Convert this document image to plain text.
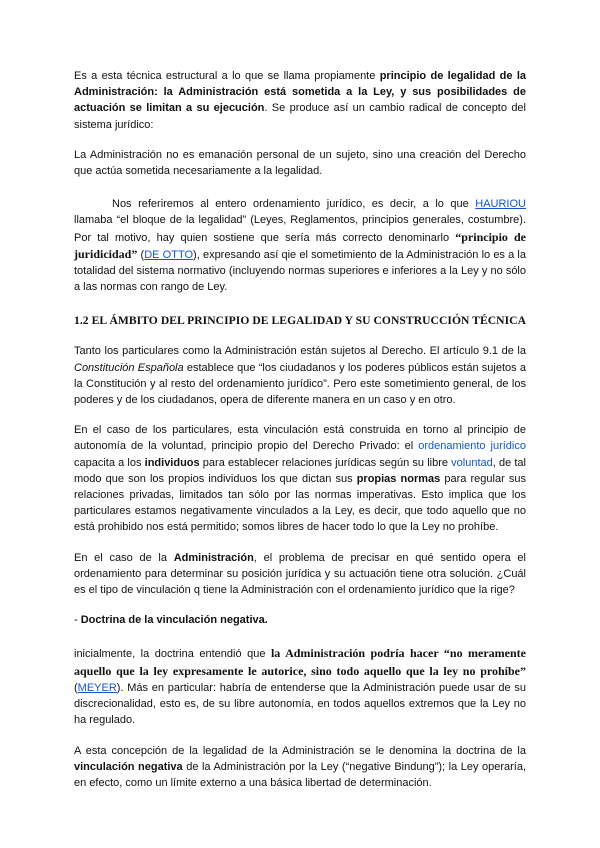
Es a esta técnica estructural a lo que se llama propiamente principio de legalidad de la Administración: la Administración está sometida a la Ley, y sus posibilidades de actuación se limitan a su ejecución. Se produce así un cambio radical de concepto del sistema jurídico:

La Administración no es emanación personal de un sujeto, sino una creación del Derecho que actúa sometida necesariamente a la legalidad.

Nos referiremos al entero ordenamiento jurídico, es decir, a lo que HAURIOU llamaba “el bloque de la legalidad” (Leyes, Reglamentos, principios generales, costumbre). Por tal motivo, hay quien sostiene que sería más correcto denominarlo “principio de juridicidad” (DE OTTO), expresando así qie el sometimiento de la Administración lo es a la totalidad del sistema normativo (incluyendo normas superiores e inferiores a la Ley y no sólo a las normas con rango de Ley.

1.2 EL ÁMBITO DEL PRINCIPIO DE LEGALIDAD Y SU CONSTRUCCIÓN TÉCNICA

Tanto los particulares como la Administración están sujetos al Derecho. El artículo 9.1 de la Constitución Española establece que “los ciudadanos y los poderes públicos están sujetos a la Constitución y al resto del ordenamiento jurídico”. Pero este sometimiento general, de los poderes y de los ciudadanos, opera de diferente manera en un caso y en otro.

En el caso de los particulares, esta vinculación está construida en torno al principio de autonomía de la voluntad, principio propio del Derecho Privado: el ordenamiento jurídico capacita a los individuos para establecer relaciones jurídicas según su libre voluntad, de tal modo que son los propios individuos los que dictan sus propias normas para regular sus relaciones privadas, limitados tan sólo por las normas imperativas. Esto implica que los particulares estamos negativamente vinculados a la Ley, es decir, que todo aquello que no está prohibido nos está permitido; somos libres de hacer todo lo que la Ley no prohíbe.

En el caso de la Administración, el problema de precisar en qué sentido opera el ordenamiento para determinar su posición jurídica y su actuación tiene otra solución. ¿Cuál es el tipo de vinculación q tiene la Administración con el ordenamiento jurídico que la rige?

- Doctrina de la vinculación negativa.

inicialmente, la doctrina entendió que la Administración podría hacer “no meramente aquello que la ley expresamente le autorice, sino todo aquello que la ley no prohíbe” (MEYER). Más en particular: habría de entenderse que la Administración puede usar de su discrecionalidad, esto es, de su libre autonomía, en todos aquellos extremos que la Ley no ha regulado.

A esta concepción de la legalidad de la Administración se le denomina la doctrina de la vinculación negativa de la Administración por la Ley (“negative Bindung”); la Ley operaría, en efecto, como un límite externo a una básica libertad de determinación.
